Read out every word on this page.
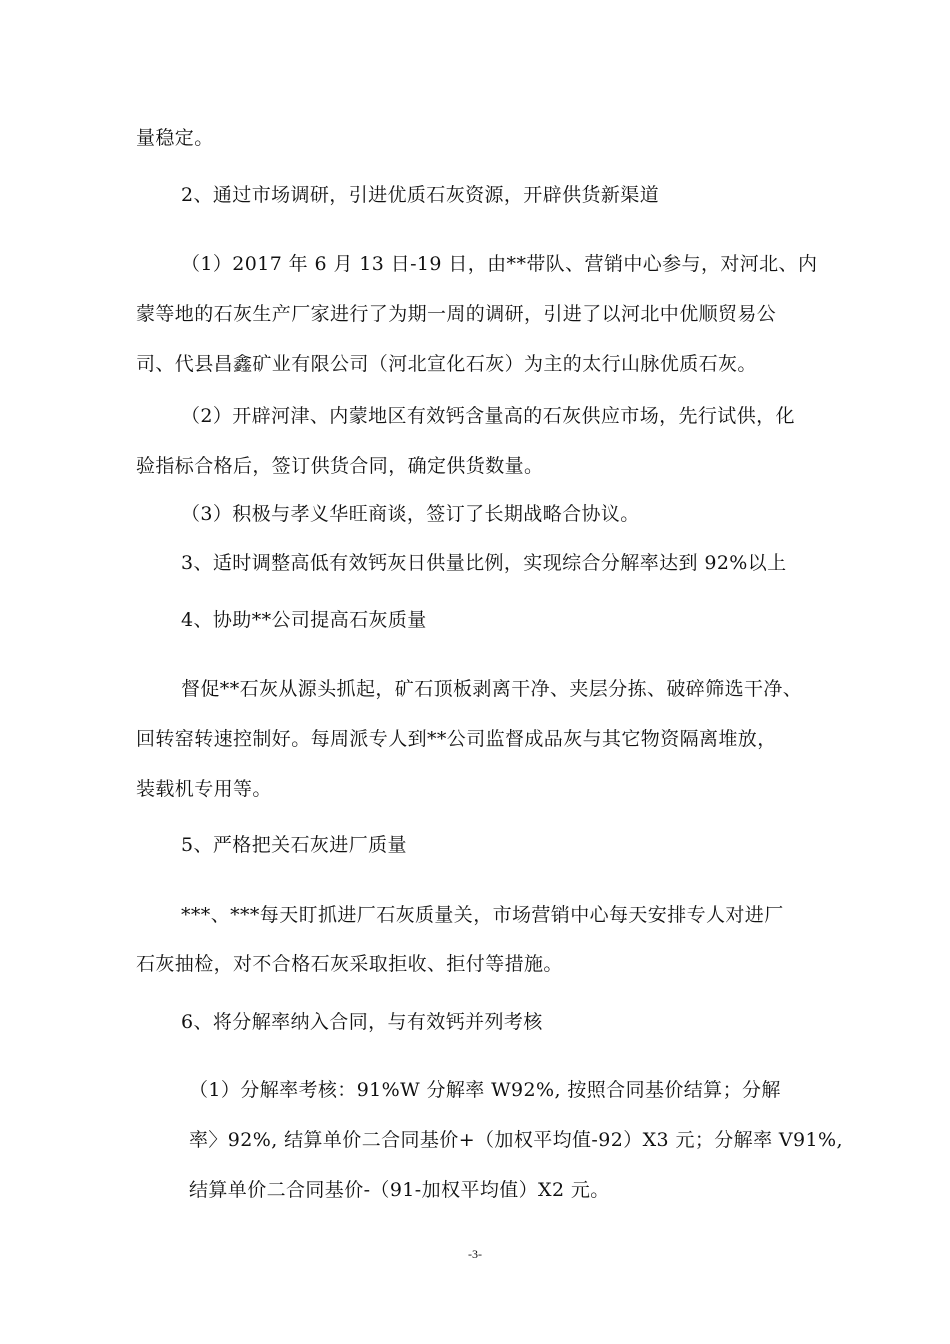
量稳定。
2、通过市场调研，引进优质石灰资源，开辟供货新渠道
（1）2017 年 6 月 13 日-19 日，由**带队、营销中心参与，对河北、内
蒙等地的石灰生产厂家进行了为期一周的调研，引进了以河北中优顺贸易公
司、代县昌鑫矿业有限公司（河北宣化石灰）为主的太行山脉优质石灰。
（2）开辟河津、内蒙地区有效钙含量高的石灰供应市场，先行试供，化
验指标合格后，签订供货合同，确定供货数量。
（3）积极与孝义华旺商谈，签订了长期战略合协议。
3、适时调整高低有效钙灰日供量比例，实现综合分解率达到 92%以上
4、协助**公司提高石灰质量
督促**石灰从源头抓起，矿石顶板剥离干净、夹层分拣、破碎筛选干净、
回转窑转速控制好。每周派专人到**公司监督成品灰与其它物资隔离堆放，
装载机专用等。
5、严格把关石灰进厂质量
***、***每天盯抓进厂石灰质量关，市场营销中心每天安排专人对进厂
石灰抽检，对不合格石灰采取拒收、拒付等措施。
6、将分解率纳入合同，与有效钙并列考核
（1）分解率考核：91%W 分解率 W92%, 按照合同基价结算；分解
率〉92%, 结算单价二合同基价+（加权平均值-92）X3 元；分解率 V91%,
结算单价二合同基价-（91-加权平均值）X2 元。
-3-
